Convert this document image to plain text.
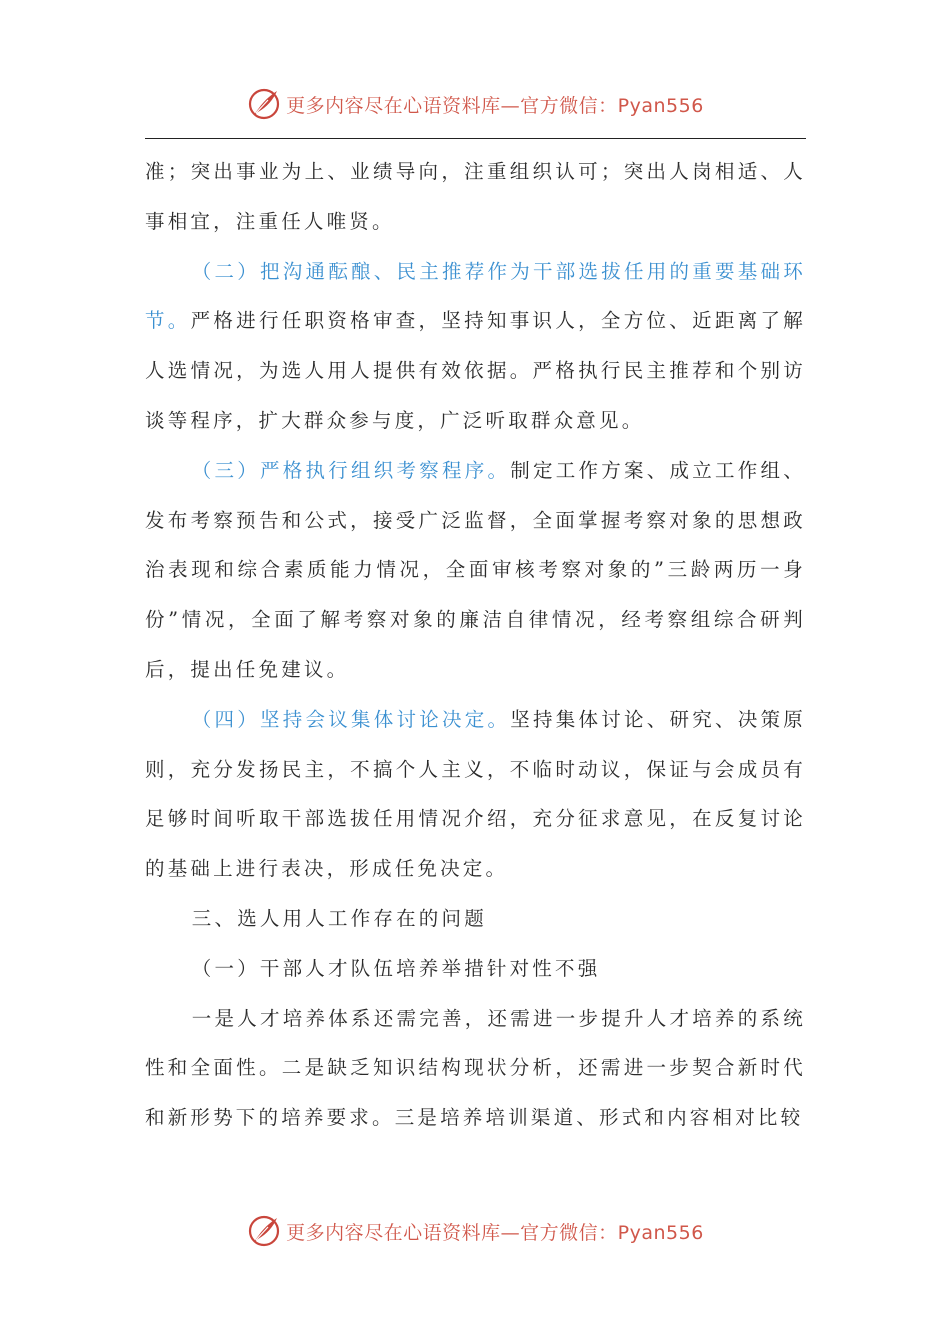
更多内容尽在心语资料库—官方微信：Pyan556

准；突出事业为上、业绩导向，注重组织认可；突出人岗相适、人事相宜，注重任人唯贤。

（二）把沟通酝酿、民主推荐作为干部选拔任用的重要基础环节。严格进行任职资格审查，坚持知事识人，全方位、近距离了解人选情况，为选人用人提供有效依据。严格执行民主推荐和个别访谈等程序，扩大群众参与度，广泛听取群众意见。

（三）严格执行组织考察程序。制定工作方案、成立工作组、发布考察预告和公式，接受广泛监督，全面掌握考察对象的思想政治表现和综合素质能力情况，全面审核考察对象的”三龄两历一身份”情况，全面了解考察对象的廉洁自律情况，经考察组综合研判后，提出任免建议。

（四）坚持会议集体讨论决定。坚持集体讨论、研究、决策原则，充分发扬民主，不搞个人主义，不临时动议，保证与会成员有足够时间听取干部选拔任用情况介绍，充分征求意见，在反复讨论的基础上进行表决，形成任免决定。

三、选人用人工作存在的问题

（一）干部人才队伍培养举措针对性不强

一是人才培养体系还需完善，还需进一步提升人才培养的系统性和全面性。二是缺乏知识结构现状分析，还需进一步契合新时代和新形势下的培养要求。三是培养培训渠道、形式和内容相对比较

更多内容尽在心语资料库—官方微信：Pyan556
